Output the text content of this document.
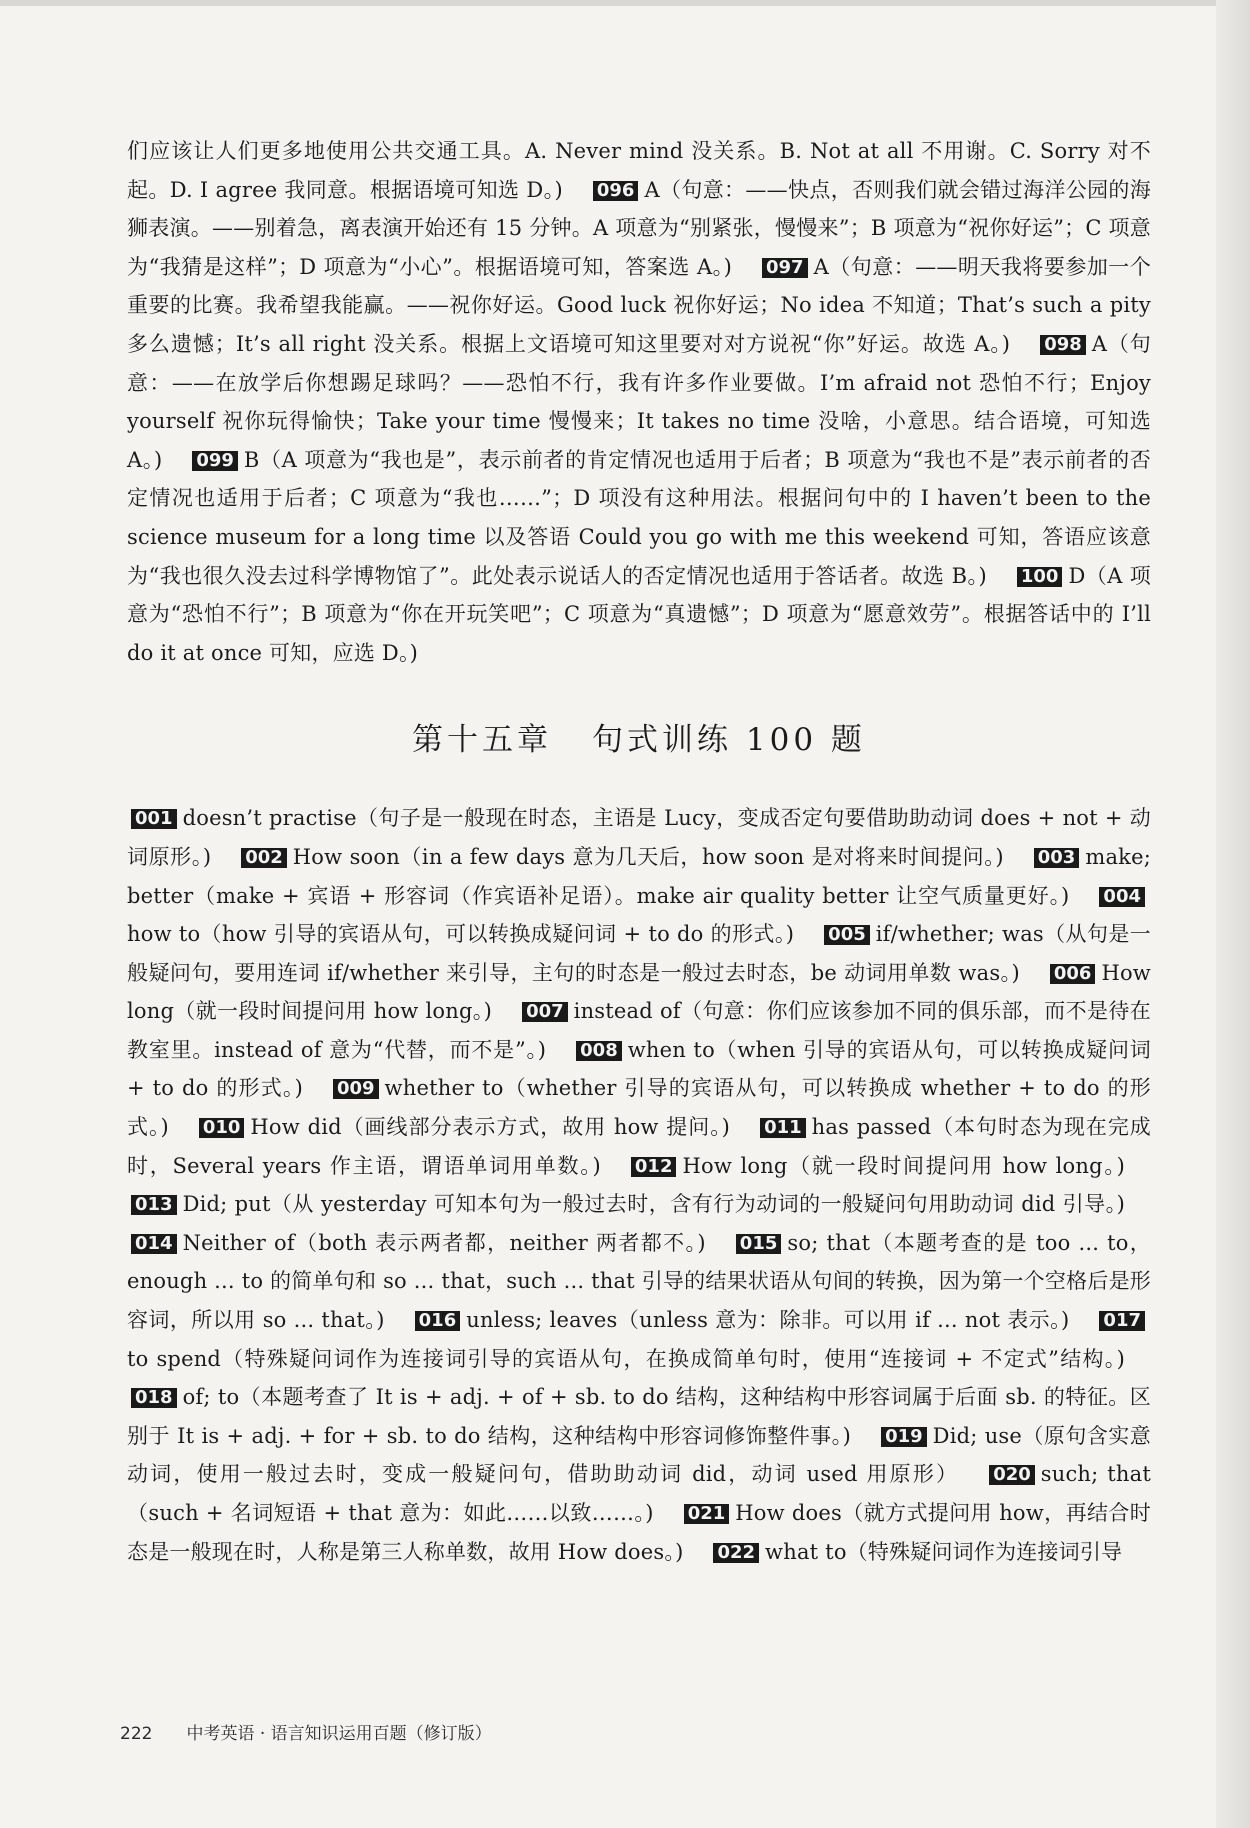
们应该让人们更多地使用公共交通工具。A. Never mind 没关系。B. Not at all 不用谢。C. Sorry 对不起。D. I agree 我同意。根据语境可知选 D。) 096 A（句意：——快点，否则我们就会错过海洋公园的海狮表演。——别着急，离表演开始还有 15 分钟。A 项意为“别紧张，慢慢来”；B 项意为“祝你好运”；C 项意为“我猜是这样”；D 项意为“小心”。根据语境可知，答案选 A。) 097 A（句意：——明天我将要参加一个重要的比赛。我希望我能赢。——祝你好运。Good luck 祝你好运；No idea 不知道；That’s such a pity 多么遗憾；It’s all right 没关系。根据上文语境可知这里要对对方说祝“你”好运。故选 A。) 098 A（句意：——在放学后你想踢足球吗？——恐怕不行，我有许多作业要做。I’m afraid not 恐怕不行；Enjoy yourself 祝你玩得愉快；Take your time 慢慢来；It takes no time 没啥，小意思。结合语境，可知选 A。) 099 B（A 项意为“我也是”，表示前者的肯定情况也适用于后者；B 项意为“我也不是”表示前者的否定情况也适用于后者；C 项意为“我也……”；D 项没有这种用法。根据问句中的 I haven’t been to the science museum for a long time 以及答语 Could you go with me this weekend 可知，答语应该意为“我也很久没去过科学博物馆了”。此处表示说话人的否定情况也适用于答话者。故选 B。) 100 D（A 项意为“恐怕不行”；B 项意为“你在开玩笑吧”；C 项意为“真遗憾”；D 项意为“愿意效劳”。根据答话中的 I’ll do it at once 可知，应选 D。)
第十五章 句式训练 100 题
001 doesn’t practise（句子是一般现在时态，主语是 Lucy，变成否定句要借助助动词 does + not + 动词原形。) 002 How soon（in a few days 意为几天后，how soon 是对将来时间提问。) 003 make; better（make + 宾语 + 形容词（作宾语补足语）。make air quality better 让空气质量更好。) 004how to（how 引导的宾语从句，可以转换成疑问词 + to do 的形式。) 005 if/whether; was（从句是一般疑问句，要用连词 if/whether 来引导，主句的时态是一般过去时态，be 动词用单数 was。) 006 How long（就一段时间提问用 how long。) 007 instead of（句意：你们应该参加不同的俱乐部，而不是待在教室里。instead of 意为“代替，而不是”。) 008 when to（when 引导的宾语从句，可以转换成疑问词 + to do 的形式。) 009 whether to（whether 引导的宾语从句，可以转换成 whether + to do 的形式。) 010 How did（画线部分表示方式，故用 how 提问。) 011 has passed（本句时态为现在完成时，Several years 作主语，谓语单词用单数。) 012 How long（就一段时间提问用 how long。)013 Did; put（从 yesterday 可知本句为一般过去时，含有行为动词的一般疑问句用助动词 did 引导。)014 Neither of（both 表示两者都，neither 两者都不。) 015 so; that（本题考查的是 too ... to，enough ... to 的简单句和 so ... that，such ... that 引导的结果状语从句间的转换，因为第一个空格后是形容词，所以用 so ... that。) 016 unless; leaves（unless 意为：除非。可以用 if ... not 表示。) 017to spend（特殊疑问词作为连接词引导的宾语从句，在换成简单句时，使用“连接词 + 不定式”结构。)018 of; to（本题考查了 It is + adj. + of + sb. to do 结构，这种结构中形容词属于后面 sb. 的特征。区别于 It is + adj. + for + sb. to do 结构，这种结构中形容词修饰整件事。) 019 Did; use（原句含实意动词，使用一般过去时，变成一般疑问句，借助助动词 did，动词 used 用原形） 020 such; that（such + 名词短语 + that 意为：如此……以致……。) 021 How does（就方式提问用 how，再结合时态是一般现在时，人称是第三人称单数，故用 How does。) 022 what to（特殊疑问词作为连接词引导
222 中考英语 · 语言知识运用百题（修订版）
